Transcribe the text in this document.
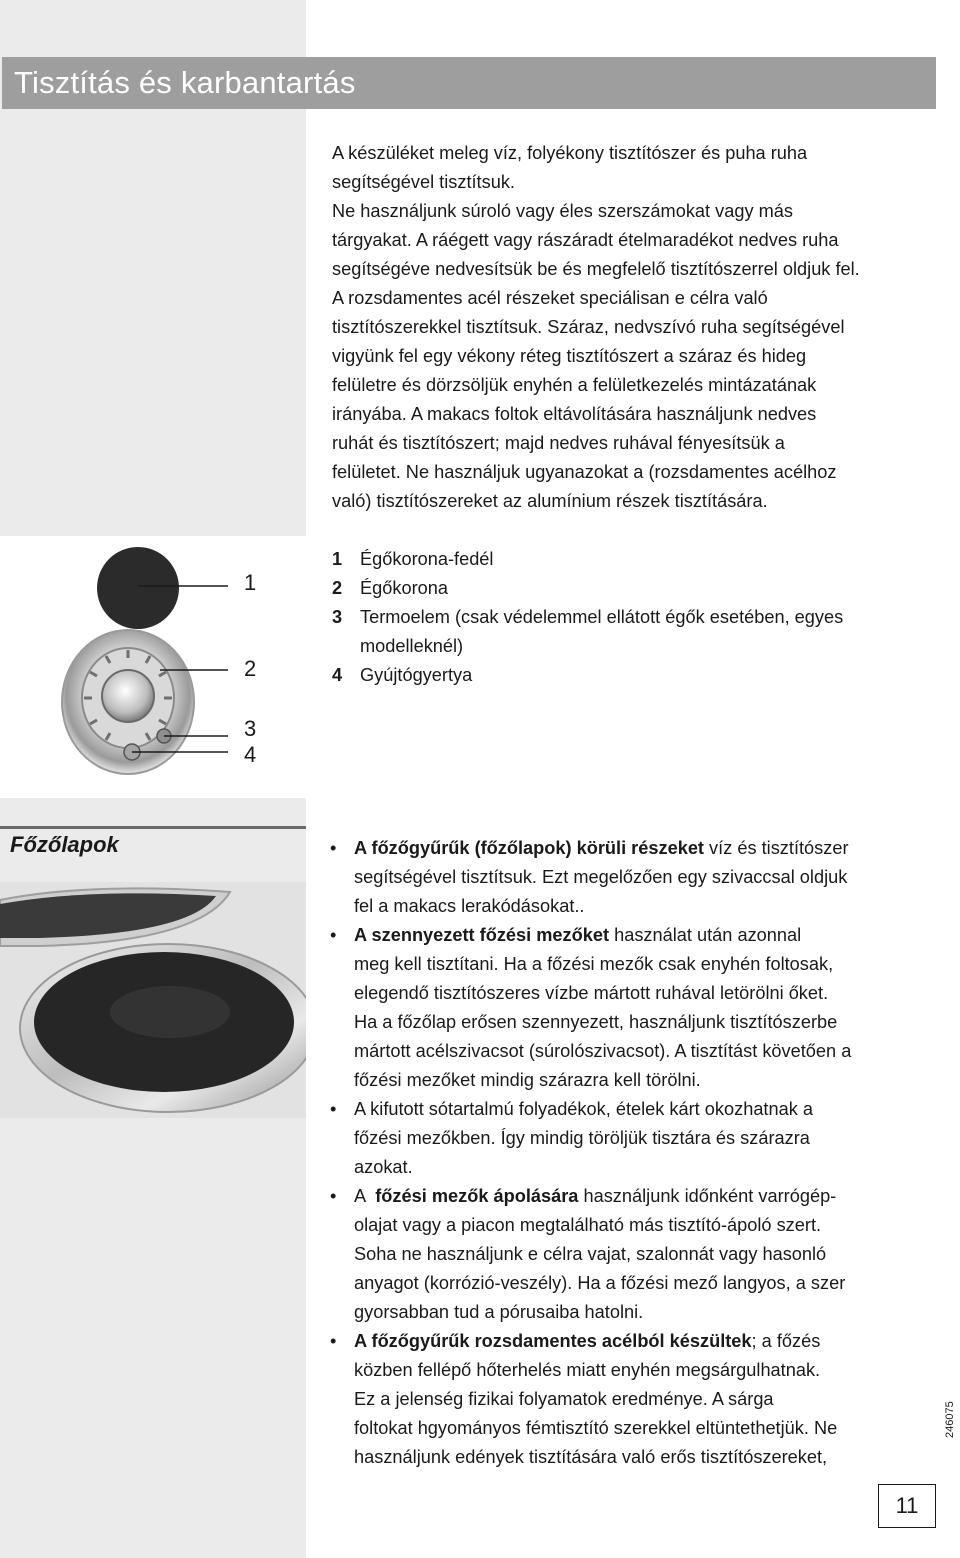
Tisztítás és karbantartás

A készüléket meleg víz, folyékony tisztítószer és puha ruha

segítségével tisztítsuk.

Ne használjunk súroló vagy éles szerszámokat vagy más

tárgyakat. A ráégett vagy rászáradt ételmaradékot nedves ruha

segítségéve nedvesítsük be és megfelelő tisztítószerrel oldjuk fel.

A rozsdamentes acél részeket speciálisan e célra való

tisztítószerekkel tisztítsuk. Száraz, nedvszívó ruha segítségével

vigyünk fel egy vékony réteg tisztítószert a száraz és hideg

felületre és dörzsöljük enyhén a felületkezelés mintázatának

irányába. A makacs foltok eltávolítására használjunk nedves

ruhát és tisztítószert; majd nedves ruhával fényesítsük a

felületet. Ne használjuk ugyanazokat a (rozsdamentes acélhoz

való) tisztítószereket az alumínium részek tisztítására.

1
2
3
4
1 Égőkorona-fedél
2 Égőkorona
3 Termoelem (csak védelemmel ellátott égők esetében, egyes
modelleknél)
4 Gyújtógyertya
Főzőlapok	• A főzőgyűrűk (főzőlapok) körüli részeket víz és tisztítószer
segítségével tisztítsuk. Ezt megelőzően egy szivaccsal oldjuk
fel a makacs lerakódásokat..
• A szennyezett főzési mezőket használat után azonnal
meg kell tisztítani. Ha a főzési mezők csak enyhén foltosak,
elegendő tisztítószeres vízbe mártott ruhával letörölni őket.
Ha a főzőlap erősen szennyezett, használjunk tisztítószerbe
mártott acélszivacsot (súrolószivacsot). A tisztítást követően a
főzési mezőket mindig szárazra kell törölni.
• A kifutott sótartalmú folyadékok, ételek kárt okozhatnak a
főzési mezőkben. Így mindig töröljük tisztára és szárazra
azokat.
• A  főzési mezők ápolására használjunk időnként varrógép-
olajat vagy a piacon megtalálható más tisztító-ápoló szert.
Soha ne használjunk e célra vajat, szalonnát vagy hasonló
anyagot (korrózió-veszély). Ha a főzési mező langyos, a szer
gyorsabban tud a pórusaiba hatolni.
• A főzőgyűrűk rozsdamentes acélból készültek; a főzés
közben fellépő hőterhelés miatt enyhén megsárgulhatnak.
Ez a jelenség fizikai folyamatok eredménye. A sárga
foltokat hgyományos fémtisztító szerekkel eltüntethetjük. Ne
használjunk edények tisztítására való erős tisztítószereket,
246075
11
